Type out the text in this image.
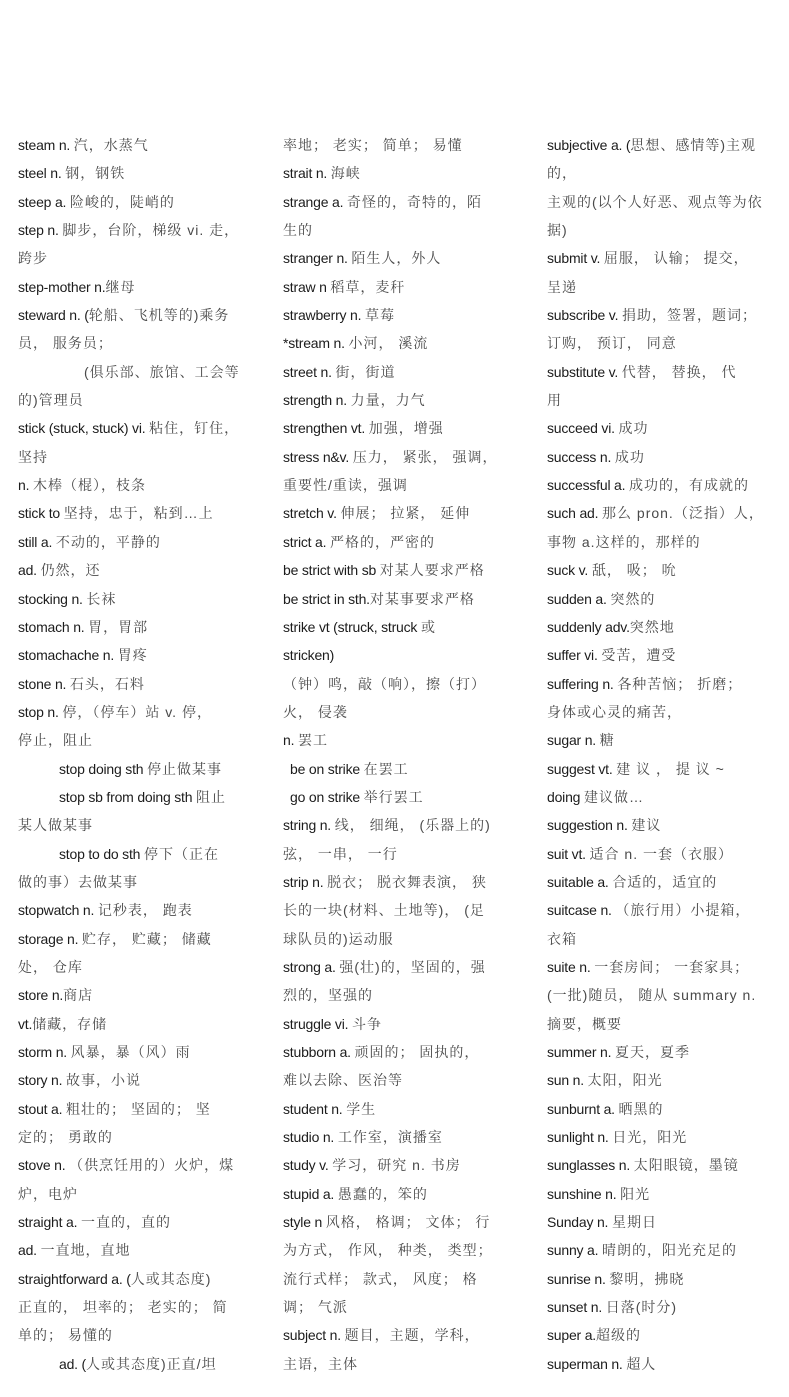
steam n. 汽，水蒸气
steel n. 钢，钢铁
steep a. 险峻的，陡峭的
step n. 脚步，台阶，梯级 vi. 走，
跨步
step-mother n.继母
steward n. (轮船、飞机等的)乘务
员， 服务员；
(俱乐部、旅馆、工会等
的)管理员
stick (stuck, stuck) vi. 粘住，钉住，
坚持
n. 木棒（棍），枝条
stick to 坚持，忠于，粘到…上
still a. 不动的，平静的
ad. 仍然，还
stocking n. 长袜
stomach n. 胃，胃部
stomachache n. 胃疼
stone n. 石头，石料
stop n. 停，（停车）站 v. 停，
停止，阻止
stop doing sth 停止做某事
stop sb from doing sth 阻止
某人做某事
stop to do sth 停下（正在
做的事）去做某事
stopwatch n. 记秒表， 跑表
storage n. 贮存， 贮藏； 储藏
处， 仓库
store n.商店
vt.储藏，存储
storm n. 风暴，暴（风）雨
story n. 故事，小说
stout a. 粗壮的； 坚固的； 坚
定的； 勇敢的
stove n. （供烹饪用的）火炉，煤
炉，电炉
straight a. 一直的，直的
ad. 一直地，直地
straightforward a. (人或其态度)
正直的， 坦率的； 老实的； 简
单的； 易懂的
ad. (人或其态度)正直/坦
率地； 老实； 简单； 易懂
strait n. 海峡
strange a. 奇怪的，奇特的，陌
生的
stranger n. 陌生人，外人
straw n 稻草，麦秆
strawberry n. 草莓
*stream n. 小河， 溪流
street n. 街，街道
strength n. 力量，力气
strengthen vt. 加强，增强
stress n&v. 压力， 紧张， 强调，
重要性/重读，强调
stretch v. 伸展； 拉紧， 延伸
strict a. 严格的，严密的
be strict with sb 对某人要求严格
be strict in sth.对某事要求严格
strike vt (struck, struck 或
stricken)
（钟）鸣，敲（响），擦（打）
火， 侵袭
n. 罢工
be on strike 在罢工
go on strike 举行罢工
string n. 线， 细绳， (乐器上的)
弦， 一串， 一行
strip n. 脱衣； 脱衣舞表演， 狭
长的一块(材料、土地等)， (足
球队员的)运动服
strong a. 强(壮)的，坚固的，强
烈的，坚强的
struggle vi. 斗争
stubborn a. 顽固的； 固执的，
难以去除、医治等
student n. 学生
studio n. 工作室，演播室
study v. 学习，研究 n. 书房
stupid a. 愚蠢的，笨的
style n 风格， 格调； 文体； 行
为方式， 作风， 种类， 类型；
流行式样； 款式， 风度； 格
调； 气派
subject n. 题目，主题，学科，
主语，主体
subjective a. (思想、感情等)主观
的，
主观的(以个人好恶、观点等为依
据)
submit v. 屈服， 认输； 提交，
呈递
subscribe v. 捐助，签署，题词；
订购， 预订， 同意
substitute v. 代替， 替换， 代
用
succeed vi. 成功
success n. 成功
successful a. 成功的，有成就的
such ad. 那么 pron.（泛指）人，
事物 a.这样的，那样的
suck v. 舐， 吸； 吮
sudden a. 突然的
suddenly adv.突然地
suffer vi. 受苦，遭受
suffering n. 各种苦恼； 折磨；
身体或心灵的痛苦，
sugar n. 糖
suggest vt. 建 议 ， 提 议 ~
doing 建议做…
suggestion n. 建议
suit vt. 适合 n. 一套（衣服）
suitable a. 合适的，适宜的
suitcase n. （旅行用）小提箱，
衣箱
suite n. 一套房间； 一套家具；
(一批)随员， 随从 summary n.
摘要，概要
summer n. 夏天，夏季
sun n. 太阳，阳光
sunburnt a. 晒黑的
sunlight n. 日光，阳光
sunglasses n. 太阳眼镜，墨镜
sunshine n. 阳光
Sunday n. 星期日
sunny a. 晴朗的，阳光充足的
sunrise n. 黎明，拂晓
sunset n. 日落(时分)
super a.超级的
superman n. 超人
